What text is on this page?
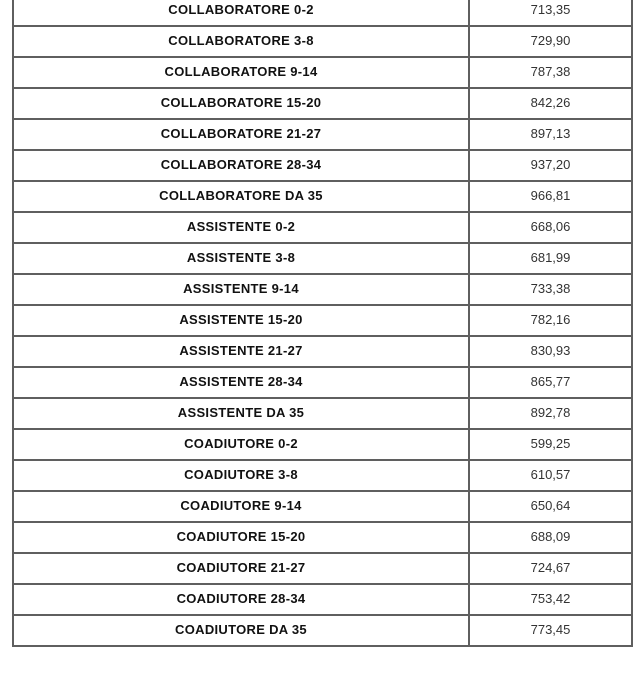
COLLABORATORE 0-2	713,35

COLLABORATORE 3-8	729,90

COLLABORATORE 9-14	787,38

COLLABORATORE 15-20	842,26

COLLABORATORE 21-27	897,13

COLLABORATORE 28-34	937,20

COLLABORATORE DA 35	966,81

ASSISTENTE 0-2	668,06

ASSISTENTE 3-8	681,99

ASSISTENTE 9-14	733,38

ASSISTENTE 15-20	782,16

ASSISTENTE 21-27	830,93

ASSISTENTE 28-34	865,77

ASSISTENTE DA 35	892,78

COADIUTORE 0-2	599,25

COADIUTORE 3-8	610,57

COADIUTORE 9-14	650,64

COADIUTORE 15-20	688,09

COADIUTORE 21-27	724,67

COADIUTORE 28-34	753,42

COADIUTORE DA 35	773,45
